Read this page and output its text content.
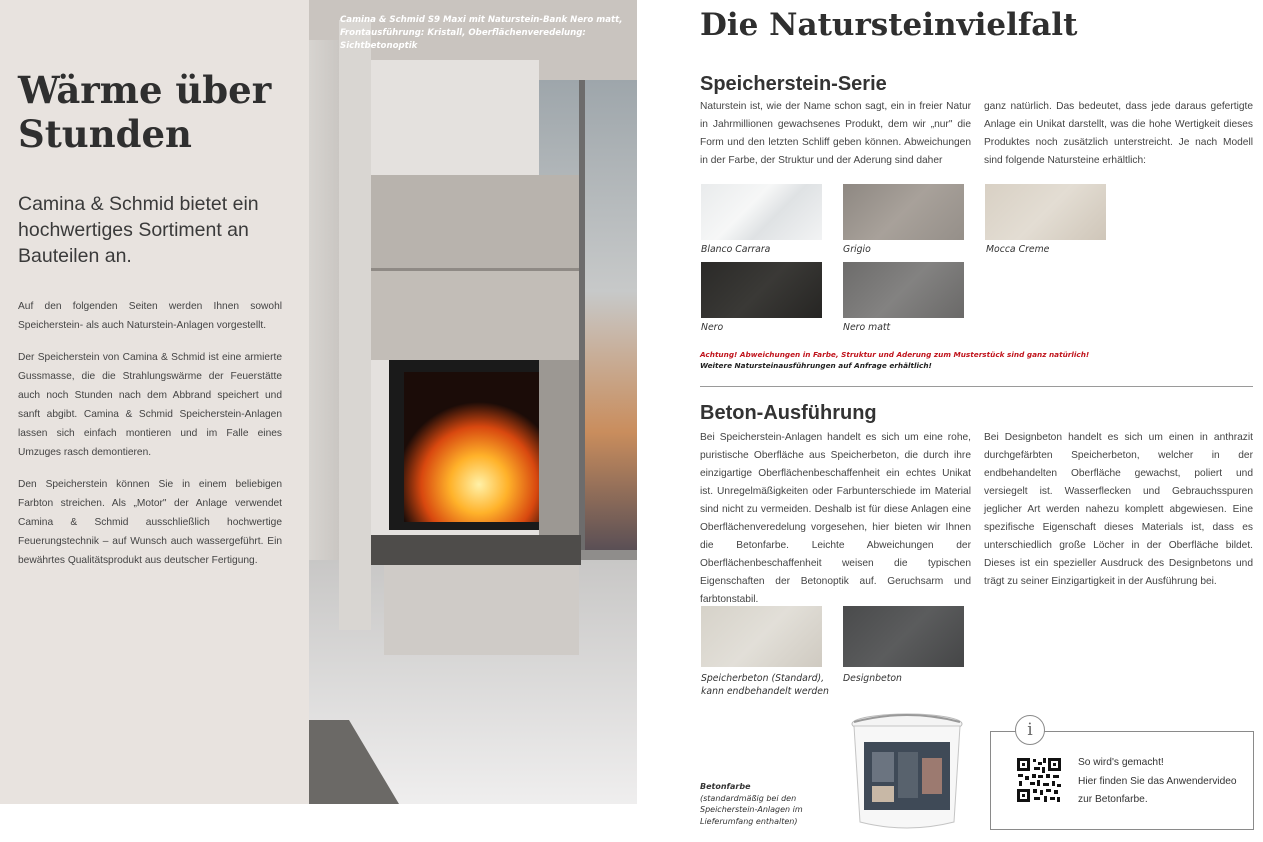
Wärme über Stunden

Camina & Schmid bietet ein hochwertiges Sortiment an Bauteilen an.

Auf den folgenden Seiten werden Ihnen sowohl Speicherstein- als auch Naturstein-Anlagen vorgestellt.

Der Speicherstein von Camina & Schmid ist eine armierte Gussmasse, die die Strahlungswärme der Feuerstätte auch noch Stunden nach dem Abbrand speichert und sanft abgibt. Camina & Schmid Speicherstein-Anlagen lassen sich einfach montieren und im Falle eines Umzuges rasch demontieren.

Den Speicherstein können Sie in einem beliebigen Farbton streichen. Als „Motor" der Anlage verwendet Camina & Schmid ausschließlich hochwertige Feuerungstechnik – auf Wunsch auch wassergeführt. Ein bewährtes Qualitätsprodukt aus deutscher Fertigung.

Camina & Schmid S9 Maxi mit Naturstein-Bank Nero matt, Frontausführung: Kristall, Oberflächenveredelung: Sichtbetonoptik

Die Natursteinvielfalt
Speicherstein-Serie

Naturstein ist, wie der Name schon sagt, ein in freier Natur in Jahrmillionen gewachsenes Produkt, dem wir „nur" die Form und den letzten Schliff geben können. Abweichungen in der Farbe, der Struktur und der Aderung sind daher

ganz natürlich. Das bedeutet, dass jede daraus gefertigte Anlage ein Unikat darstellt, was die hohe Wertigkeit dieses Produktes noch zusätzlich unterstreicht. Je nach Modell sind folgende Natursteine erhältlich:

Blanco Carrara	Grigio	Mocca Creme
Nero	Nero matt
Achtung! Abweichungen in Farbe, Struktur und Aderung zum Musterstück sind ganz natürlich!
Weitere Natursteinausführungen auf Anfrage erhältlich!
Beton-Ausführung

Bei Speicherstein-Anlagen handelt es sich um eine rohe, puristische Oberfläche aus Speicherbeton, die durch ihre einzigartige Oberflächenbeschaffenheit ein echtes Unikat ist. Unregelmäßigkeiten oder Farbunterschiede im Material sind nicht zu vermeiden. Deshalb ist für diese Anlagen eine Oberflächenveredelung vorgesehen, hier bieten wir Ihnen die Betonfarbe. Leichte Abweichungen der Oberflächenbeschaffenheit weisen die typischen Eigenschaften der Betonoptik auf. Geruchsarm und farbtonstabil.

Bei Designbeton handelt es sich um einen in anthrazit durchgefärbten Speicherbeton, welcher in der endbehandelten Oberfläche gewachst, poliert und versiegelt ist. Wasserflecken und Gebrauchsspuren jeglicher Art werden nahezu komplett abgewiesen. Eine spezifische Eigenschaft dieses Materials ist, dass es unterschiedlich große Löcher in der Oberfläche bildet. Dieses ist ein spezieller Ausdruck des Designbetons und trägt zu seiner Einzigartigkeit in der Ausführung bei.

Speicherbeton (Standard),
kann endbehandelt werden
Designbeton
Betonfarbe
(standardmäßig bei den Speicherstein-Anlagen im Lieferumfang enthalten)
i
So wird's gemacht!
Hier finden Sie das Anwendervideo zur Betonfarbe.
